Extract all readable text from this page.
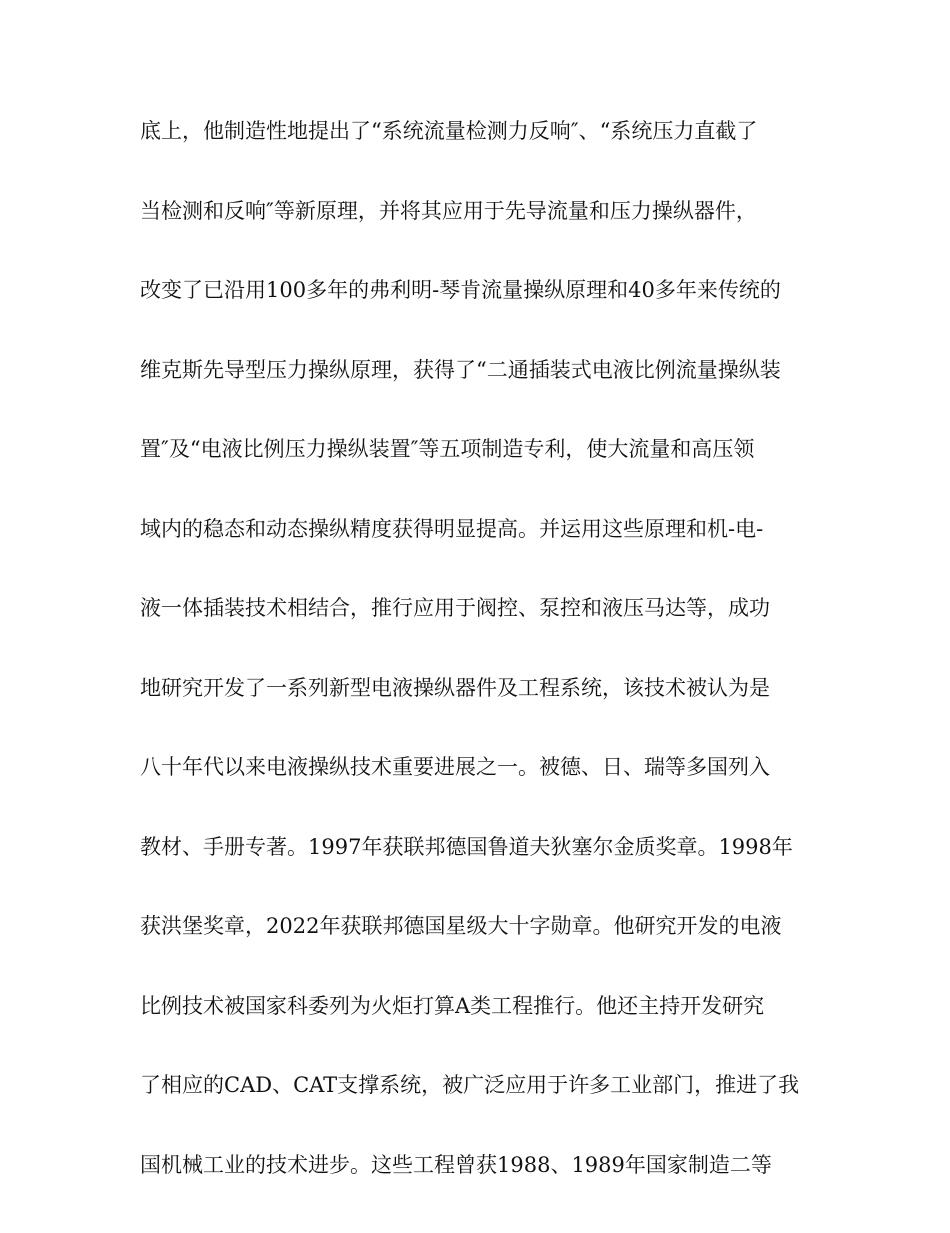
底上，他制造性地提出了“系统流量检测力反响″、“系统压力直截了
当检测和反响″等新原理，并将其应用于先导流量和压力操纵器件，
改变了已沿用100多年的弗利明-琴肯流量操纵原理和40多年来传统的
维克斯先导型压力操纵原理，获得了“二通插装式电液比例流量操纵装
置″及“电液比例压力操纵装置″等五项制造专利，使大流量和高压领
域内的稳态和动态操纵精度获得明显提高。并运用这些原理和机-电-
液一体插装技术相结合，推行应用于阀控、泵控和液压马达等，成功
地研究开发了一系列新型电液操纵器件及工程系统，该技术被认为是
八十年代以来电液操纵技术重要进展之一。被德、日、瑞等多国列入
教材、手册专著。1997年获联邦德国鲁道夫狄塞尔金质奖章。1998年
获洪堡奖章，2022年获联邦德国星级大十字勋章。他研究开发的电液
比例技术被国家科委列为火炬打算A类工程推行。他还主持开发研究
了相应的CAD、CAT支撑系统，被广泛应用于许多工业部门，推进了我
国机械工业的技术进步。这些工程曾获1988、1989年国家制造二等
